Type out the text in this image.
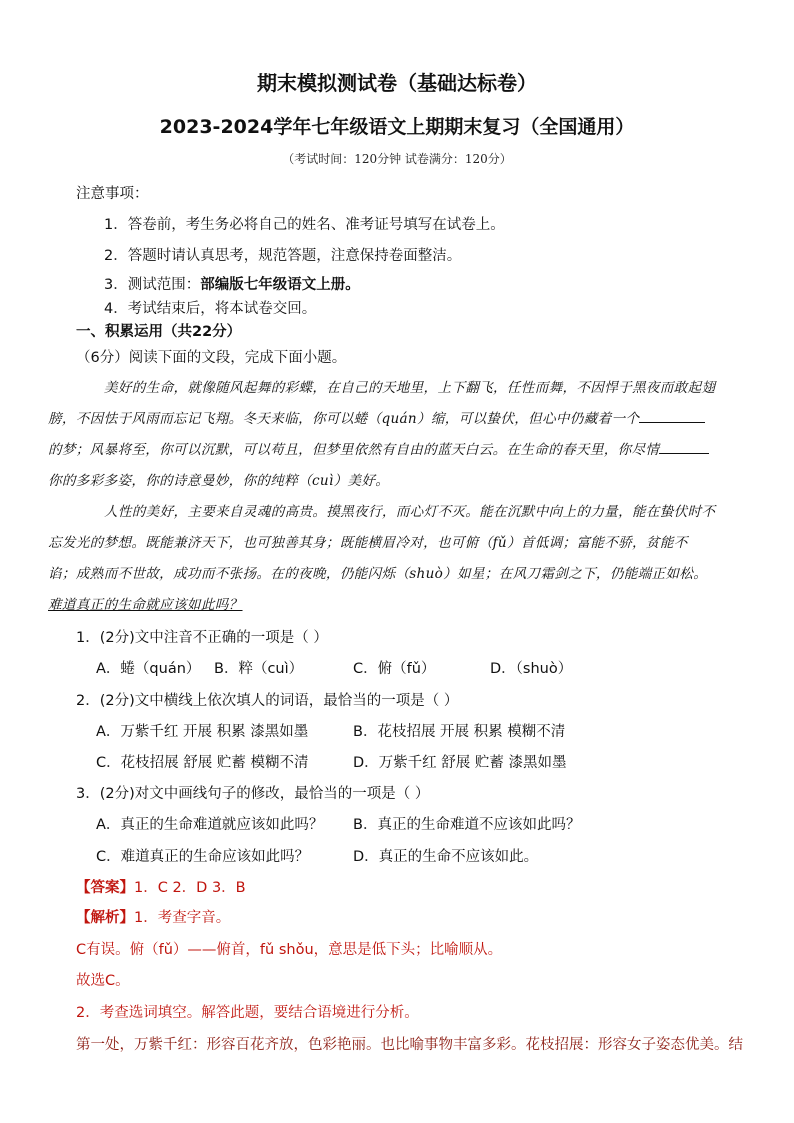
期末模拟测试卷（基础达标卷）
2023-2024学年七年级语文上期期末复习（全国通用）
（考试时间：120分钟 试卷满分：120分）
注意事项：
1．答卷前，考生务必将自己的姓名、准考证号填写在试卷上。
2．答题时请认真思考，规范答题，注意保持卷面整洁。
3．测试范围：部编版七年级语文上册。
4．考试结束后，将本试卷交回。
一、积累运用（共22分）
（6分）阅读下面的文段，完成下面小题。

美好的生命，就像随风起舞的彩蝶，在自己的天地里，上下翻飞，任性而舞，不因悍于黑夜而敢起翅
膀，不因怯于风雨而忘记飞翔。冬天来临，你可以蜷（quán）缩，可以蛰伏，但心中仍藏着一个
的梦；风暴将至，你可以沉默，可以苟且，但梦里依然有自由的蓝天白云。在生命的春天里，你尽情
你的多彩多姿，你的诗意曼妙，你的纯粹（cuì）美好。

人性的美好，主要来自灵魂的高贵。摸黑夜行，而心灯不灭。能在沉默中向上的力量，能在蛰伏时不
忘发光的梦想。既能兼济天下，也可独善其身；既能横眉冷对，也可俯（fǔ）首低调；富能不骄，贫能不
谄；成熟而不世故，成功而不张扬。在的夜晚，仍能闪烁（shuò）如星；在风刀霜剑之下，仍能端正如松。
难道真正的生命就应该如此吗？

1．(2分)文中注音不正确的一项是（ ）
A．蜷（quán） B．粹（cuì）	C．俯（fǔ）	D．（shuò）
2．(2分)文中横线上依次填人的词语，最恰当的一项是（ ）
A．万紫千红 开展 积累 漆黑如墨	B．花枝招展 开展 积累 模糊不清
C．花枝招展 舒展 贮蓄 模糊不清	D．万紫千红 舒展 贮蓄 漆黑如墨
3．(2分)对文中画线句子的修改，最恰当的一项是（ ）
A．真正的生命难道就应该如此吗？ B．真正的生命难道不应该如此吗？
C．难道真正的生命应该如此吗？	D．真正的生命不应该如此。
【答案】1．C 2．D 3．B
【解析】1．考查字音。
C有误。俯（fǔ）——俯首，fǔ shǒu，意思是低下头；比喻顺从。
故选C。
2．考查选词填空。解答此题，要结合语境进行分析。
第一处，万紫千红：形容百花齐放，色彩艳丽。也比喻事物丰富多彩。花枝招展：形容女子姿态优美。结
